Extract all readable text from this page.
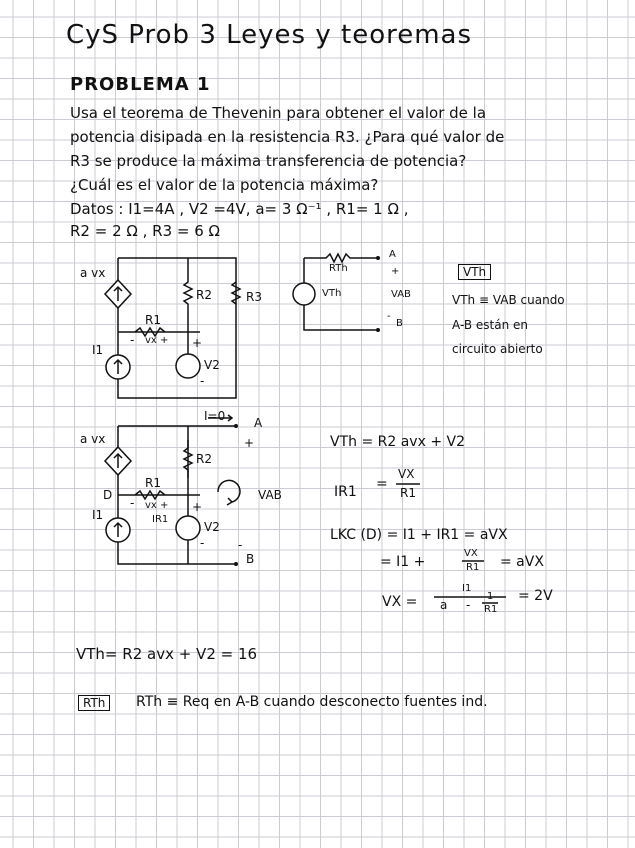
CyS Prob 3 Leyes y teoremas
PROBLEMA 1
Usa el teorema de Thevenin para obtener el valor de la
potencia disipada en la resistencia R3. ¿Para qué valor de
R3 se produce la máxima transferencia de potencia?
¿Cuál es el valor de la potencia máxima?
Datos : I1=4A , V2 =4V, a= 3 Ω⁻¹ , R1= 1 Ω ,
R2 = 2 Ω , R3 = 6 Ω
a vx
R2	R3
R1
vx +
-	+
I1
V2
-
RTh
VTh
A
+
VAB
-
B
VTh
VTh ≡ VAB cuando
A-B están en
circuito abierto
I=0 A
+
a vx
R2
R1
D
- vx + +
VAB
I1	IR1
V2
-	-
B
VTh = R2 avx + V2
IR1 =
VX
R1
LKC (D) = I1 + IR1 = aVX
= I1 +
VX
R1 = aVX
VX =
I1
a -
1
R1
= 2V
VTh= R2 avx + V2 = 16
RTh	RTh ≡ Req en A-B cuando desconecto fuentes ind.
